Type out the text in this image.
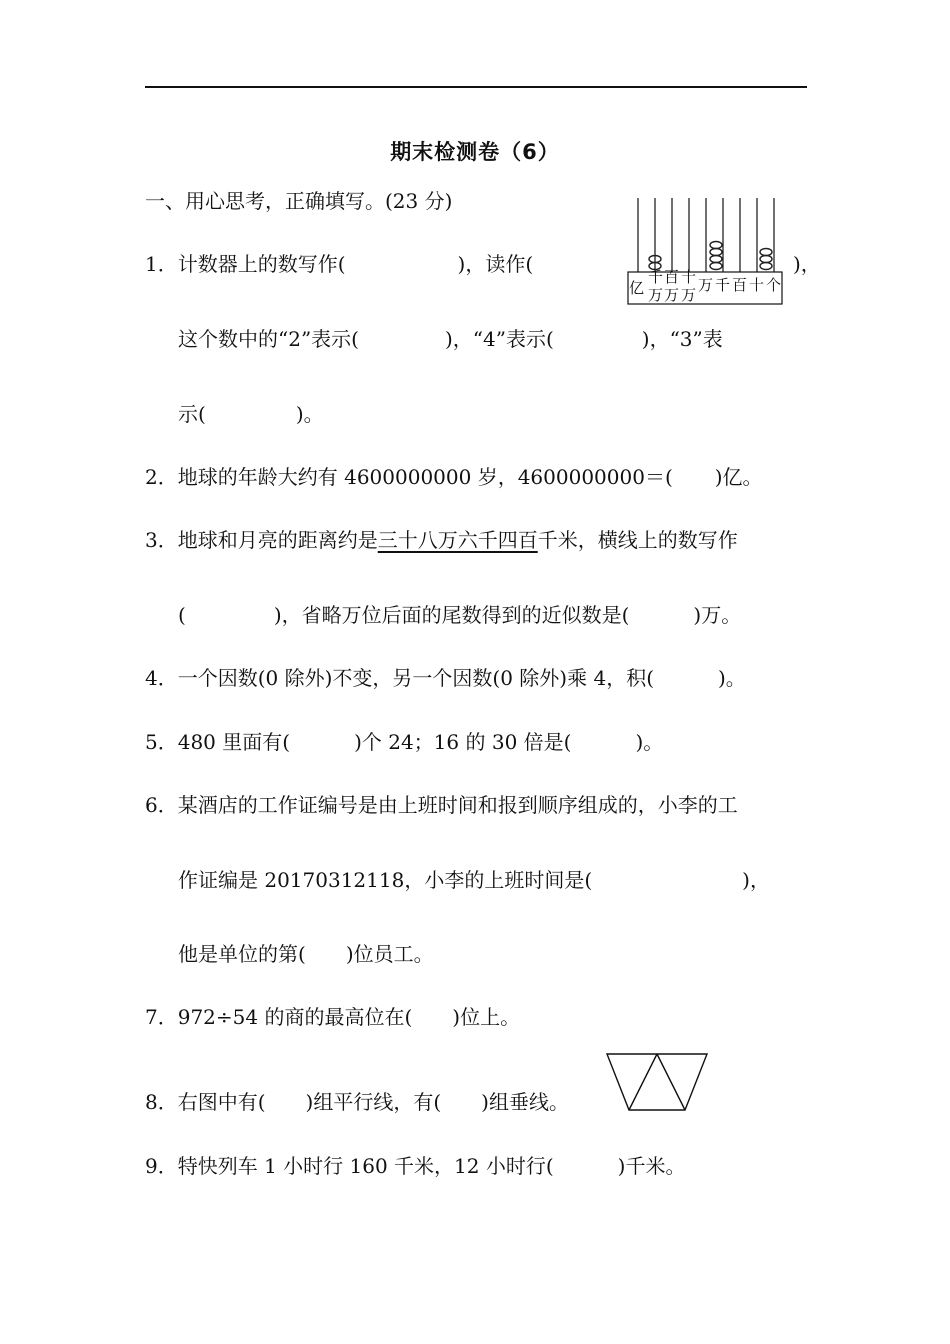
期末检测卷（6）
一、用心思考，正确填写。(23 分)
1．计数器上的数写作(	)，读作(	)，
亿
千
万
百
万
十
万
万 千 百 十 个
这个数中的“2”表示(	)，“4”表示(	)，“3”表
示(	)。
2．地球的年龄大约有 4600000000 岁，4600000000＝( )亿。
3．地球和月亮的距离约是三十八万六千四百千米，横线上的数写作
(	)，省略万位后面的尾数得到的近似数是(	)万。
4．一个因数(0 除外)不变，另一个因数(0 除外)乘 4，积(	)。
5．480 里面有(	)个 24；16 的 30 倍是(	)。
6．某酒店的工作证编号是由上班时间和报到顺序组成的，小李的工
作证编是 20170312118，小李的上班时间是(	)，
他是单位的第( )位员工。
7．972÷54 的商的最高位在( )位上。
8．右图中有( )组平行线，有( )组垂线。
9．特快列车 1 小时行 160 千米，12 小时行(	)千米。
